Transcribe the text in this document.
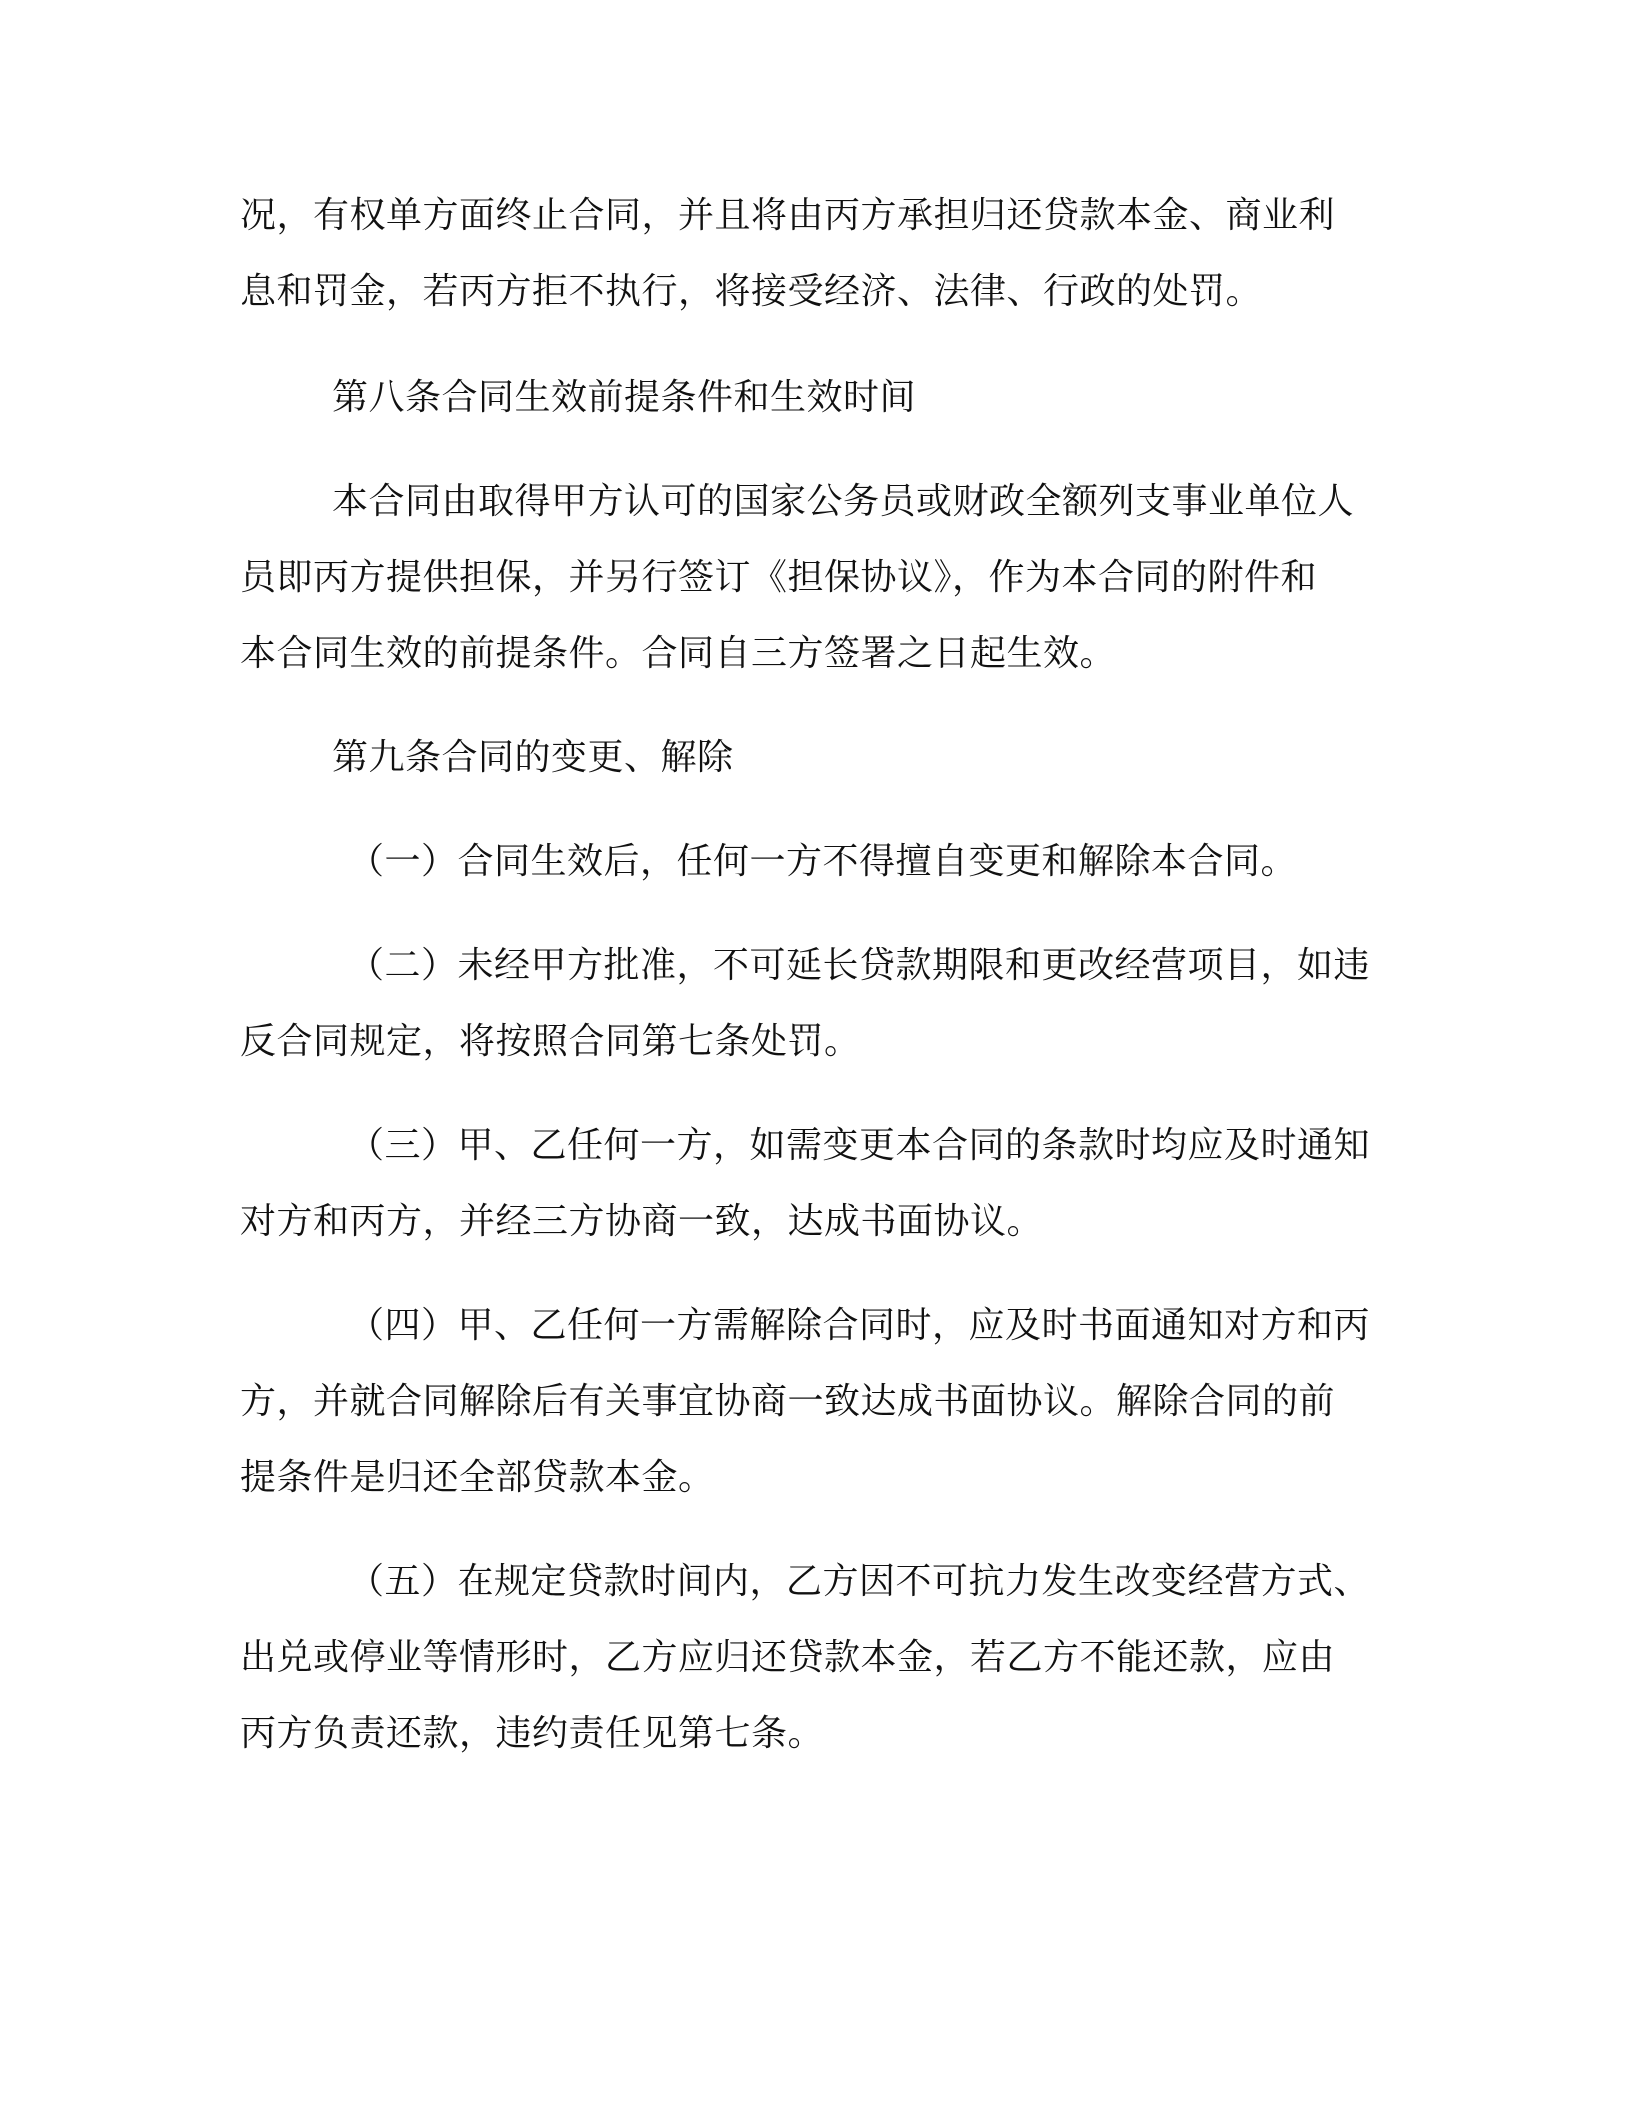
况，有权单方面终止合同，并且将由丙方承担归还贷款本金、商业利
息和罚金，若丙方拒不执行，将接受经济、法律、行政的处罚。

第八条合同生效前提条件和生效时间

本合同由取得甲方认可的国家公务员或财政全额列支事业单位人
员即丙方提供担保，并另行签订《担保协议》，作为本合同的附件和
本合同生效的前提条件。合同自三方签署之日起生效。

第九条合同的变更、解除

（一）合同生效后，任何一方不得擅自变更和解除本合同。

（二）未经甲方批准，不可延长贷款期限和更改经营项目，如违
反合同规定，将按照合同第七条处罚。

（三）甲、乙任何一方，如需变更本合同的条款时均应及时通知
对方和丙方，并经三方协商一致，达成书面协议。

（四）甲、乙任何一方需解除合同时，应及时书面通知对方和丙
方，并就合同解除后有关事宜协商一致达成书面协议。解除合同的前
提条件是归还全部贷款本金。

（五）在规定贷款时间内，乙方因不可抗力发生改变经营方式、
出兑或停业等情形时，乙方应归还贷款本金，若乙方不能还款，应由
丙方负责还款，违约责任见第七条。
